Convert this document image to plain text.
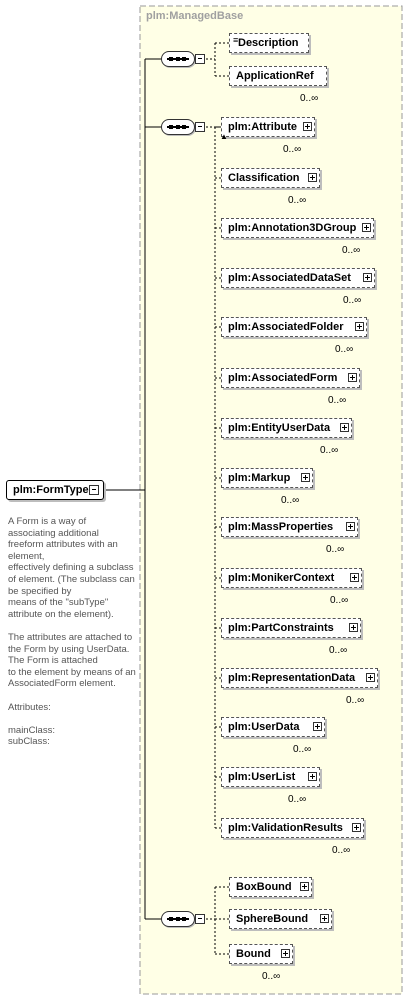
plm:ManagedBase
plm:FormType
A Form is a way of associating additional freeform attributes with an element,
effectively defining a subclass of element. (The subclass can be specified by
means of the "subType" attribute on the element).

The attributes are attached to the Form by using UserData. The Form is attached
to the element by means of an AssociatedForm element.

Attributes:

mainClass:
subClass:
≡ Description
ApplicationRef
0..∞
plm:Attribute
▲
0..∞
Classification
0..∞
plm:Annotation3DGroup
0..∞
plm:AssociatedDataSet
0..∞
plm:AssociatedFolder
0..∞
plm:AssociatedForm
0..∞
plm:EntityUserData
0..∞
plm:Markup
0..∞
plm:MassProperties
0..∞
plm:MonikerContext
0..∞
plm:PartConstraints
0..∞
plm:RepresentationData
0..∞
plm:UserData
0..∞
plm:UserList
0..∞
plm:ValidationResults
0..∞
BoxBound
SphereBound
Bound
0..∞
